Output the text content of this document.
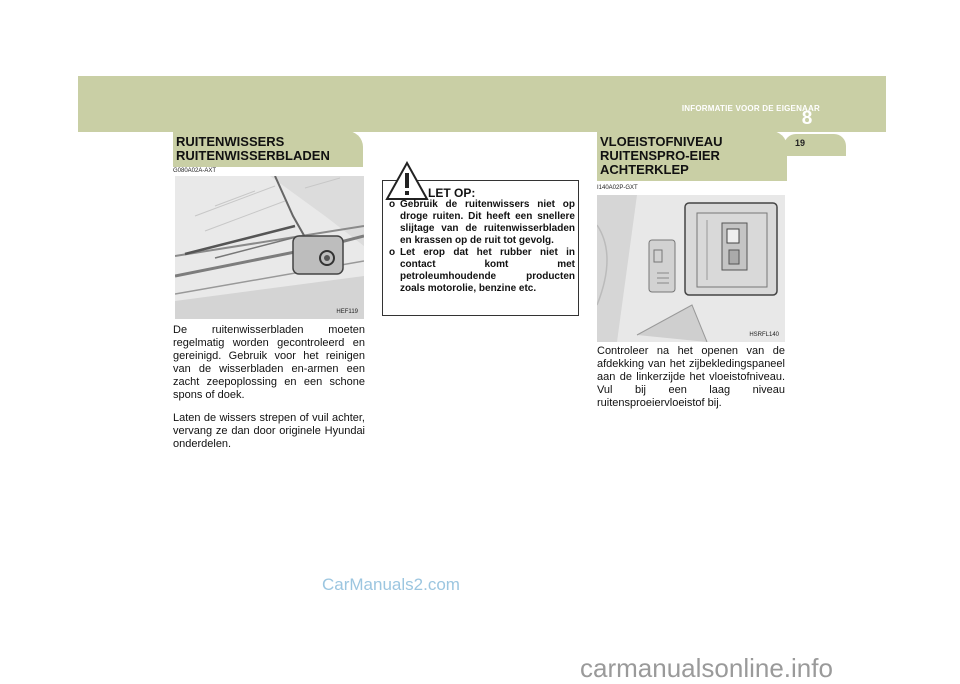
INFORMATIE VOOR DE EIGENAAR
8
19
RUITENWISSERS
RUITENWISSERBLADEN
G080A02A-AXT
HEF119

De ruitenwisserbladen moeten regelmatig worden gecontroleerd en gereinigd. Gebruik voor het reinigen van de wisserbladen en-armen een zacht zeepoplossing en een schone spons of doek.

Laten de wissers strepen of vuil achter, vervang ze dan door originele Hyundai onderdelen.

LET OP:
o Gebruik de ruitenwissers niet op droge ruiten. Dit heeft een snellere slijtage van de ruitenwisserbladen en krassen op de ruit tot gevolg.
o Let erop dat het rubber niet in contact komt met petroleumhoudende producten zoals motorolie, benzine etc.
VLOEISTOFNIVEAU
RUITENSPRO-EIER
ACHTERKLEP
I140A02P-GXT
HSRFL140

Controleer na het openen van de afdekking van het zijbekledingspaneel aan de linkerzijde het vloeistofniveau. Vul bij een laag niveau ruitensproeiervloeistof bij.

CarManuals2.com
carmanualsonline.info
